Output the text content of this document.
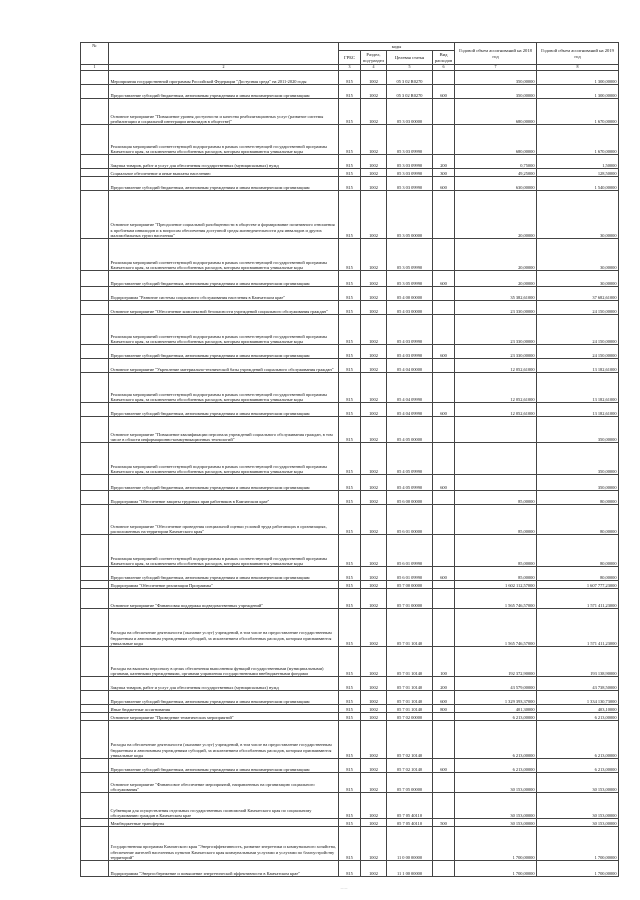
№		коды				Годовой объем ассигнований на 2018 год	Годовой объем ассигнований на 2019 год
		ГРБС	Раздел, под-раздел	Целевая статья	Вид расходов		
1	2	3	4	5	6	7	8
	Мероприятия государственной программы Российской Федерации "Доступная среда" на 2011-2020 годы	815	1002	05 3 02 R0270		350,00000	1 300,00000
	Предоставление субсидий бюджетным, автономным учреждениям и иным некоммерческим организациям	815	1002	05 3 02 R0270	600	350,00000	1 300,00000
	Основное мероприятие "Повышение уровня доступности и качества реабилитационных услуг (развитие системы реабилитации и социальной интеграции инвалидов в обществе)"	815	1002	05 3 03 00000		680,00000	1 670,00000
	Реализация мероприятий соответствующей подпрограммы в рамках соответствующей государственной программы Камчатского края, за исключением обособленных расходов, которым присваиваются уникальные коды	815	1002	05 3 03 09990		680,00000	1 670,00000
	Закупка товаров, работ и услуг для обеспечения государственных (муниципальных) нужд	815	1002	05 3 03 09990	200	0,75000	1,50000
	Социальное обеспечение и иные выплаты населению	815	1002	05 3 03 09990	300	49,25000	128,50000
	Предоставление субсидий бюджетным, автономным учреждениям и иным некоммерческим организациям	815	1002	05 3 03 09990	600	630,00000	1 540,00000
	Основное мероприятие "Преодоление социальной разобщенности в обществе и формирование позитивного отношения к проблемам инвалидов и к вопросам обеспечения доступной среды жизнедеятельности для инвалидов и других маломобильных групп населения"	815	1002	05 3 05 00000		20,00000	30,00000
	Реализация мероприятий соответствующей подпрограммы в рамках соответствующей государственной программы Камчатского края, за исключением обособленных расходов, которым присваиваются уникальные коды	815	1002	05 3 05 09990		20,00000	30,00000
	Предоставление субсидий бюджетным, автономным учреждениям и иным некоммерческим организациям	815	1002	05 3 05 09990	600	20,00000	30,00000
	Подпрограмма "Развитие системы социального обслуживания населения в Камчатском крае"	815	1002	05 4 00 00000		35 382,61000	37 682,61000
	Основное мероприятие "Обеспечение комплексной безопасности учреждений социального обслуживания граждан"	815	1002	05 4 03 00000		23 330,00000	24 150,00000
	Реализация мероприятий соответствующей подпрограммы в рамках соответствующей государственной программы Камчатского края, за исключением обособленных расходов, которым присваиваются уникальные коды	815	1002	05 4 03 09990		23 330,00000	24 150,00000
	Предоставление субсидий бюджетным, автономным учреждениям и иным некоммерческим организациям	815	1002	05 4 03 09990	600	23 330,00000	24 150,00000
	Основное мероприятие "Укрепление материально-технической базы учреждений социального обслуживания граждан"	815	1002	05 4 04 00000		12 052,61000	13 182,61000
	Реализация мероприятий соответствующей подпрограммы в рамках соответствующей государственной программы Камчатского края, за исключением обособленных расходов, которым присваиваются уникальные коды	815	1002	05 4 04 09990		12 052,61000	13 182,61000
	Предоставление субсидий бюджетным, автономным учреждениям и иным некоммерческим организациям	815	1002	05 4 04 09990	600	12 052,61000	13 182,61000
	Основное мероприятие "Повышение квалификации персонала учреждений социального обслуживания граждан, в том числе в области информационно-коммуникационных технологий"	815	1002	05 4 05 00000			350,00000
	Реализация мероприятий соответствующей подпрограммы в рамках соответствующей государственной программы Камчатского края, за исключением обособленных расходов, которым присваиваются уникальные коды	815	1002	05 4 05 09990			350,00000
	Предоставление субсидий бюджетным, автономным учреждениям и иным некоммерческим организациям	815	1002	05 4 05 09990	600		350,00000
	Подпрограмма "Обеспечение защиты трудовых прав работников в Камчатском крае"	815	1002	05 6 00 00000		85,00000	80,00000
	Основное мероприятие "Обеспечение проведения специальной оценки условий труда работающих в организациях, расположенных на территории Камчатского края"	815	1002	05 6 01 00000		85,00000	80,00000
	Реализация мероприятий соответствующей подпрограммы в рамках соответствующей государственной программы Камчатского края, за исключением обособленных расходов, которым присваиваются уникальные коды	815	1002	05 6 01 09990		85,00000	80,00000
	Предоставление субсидий бюджетным, автономным учреждениям и иным некоммерческим организациям	815	1002	05 6 01 09990	600	85,00000	80,00000
	Подпрограмма "Обеспечение реализации Программы"	815	1002	05 7 00 00000		1 602 112,57000	1 607 777,23000
	Основное мероприятие "Финансовая поддержка подведомственных учреждений"	815	1002	05 7 01 00000		1 565 746,57000	1 571 411,23000
	Расходы на обеспечение деятельности (оказание услуг) учреждений, в том числе на предоставление государственным бюджетным и автономным учреждениям субсидий, за исключением обособленных расходов, которым присваиваются уникальные коды	815	1002	05 7 01 10140		1 565 746,57000	1 571 411,23000
	Расходы на выплаты персоналу в целях обеспечения выполнения функций государственными (муниципальными) органами, казенными учреждениями, органами управления государственными внебюджетными фондами	815	1002	05 7 01 10140	100	192 372,90000	193 138,90000
	Закупка товаров, работ и услуг для обеспечения государственных (муниципальных) нужд	815	1002	05 7 01 10140	200	43 579,00000	43 738,50000
	Предоставление субсидий бюджетным, автономным учреждениям и иным некоммерческим организациям	815	1002	05 7 01 10140	600	1 329 393,37000	1 334 130,73000
	Иные бюджетные ассигнования	815	1002	05 7 01 10140	800	401,30000	403,10000
	Основное мероприятие "Проведение тематических мероприятий"	815	1002	05 7 02 00000		6 213,00000	6 213,00000
	Расходы на обеспечение деятельности (оказание услуг) учреждений, в том числе на предоставление государственным бюджетным и автономным учреждениям субсидий, за исключением обособленных расходов, которым присваиваются уникальные коды	815	1002	05 7 02 10140		6 213,00000	6 213,00000
	Предоставление субсидий бюджетным, автономным учреждениям и иным некоммерческим организациям	815	1002	05 7 02 10140	600	6 213,00000	6 213,00000
	Основное мероприятие "Финансовое обеспечение мероприятий, направленных на организацию социального обслуживания"	815	1002	05 7 05 00000		30 153,00000	30 153,00000
	Субвенции для осуществления отдельных государственных полномочий Камчатского края по социальному обслуживанию граждан в Камчатском крае	815	1002	05 7 05 40110		30 153,00000	30 153,00000
	Межбюджетные трансферты	815	1002	05 7 05 40110	500	30 153,00000	30 153,00000
	Государственная программа Камчатского края "Энергоэффективность, развитие энергетики и коммунального хозяйства, обеспечение жителей населенных пунктов Камчатского края коммунальными услугами и услугами по благоустройству территорий"	815	1002	11 0 00 00000		1 700,00000	1 700,00000
	Подпрограмма "Энергосбережение и повышение энергетической эффективности в Камчатском крае"	815	1002	11 1 00 00000		1 700,00000	1 700,00000
— —
